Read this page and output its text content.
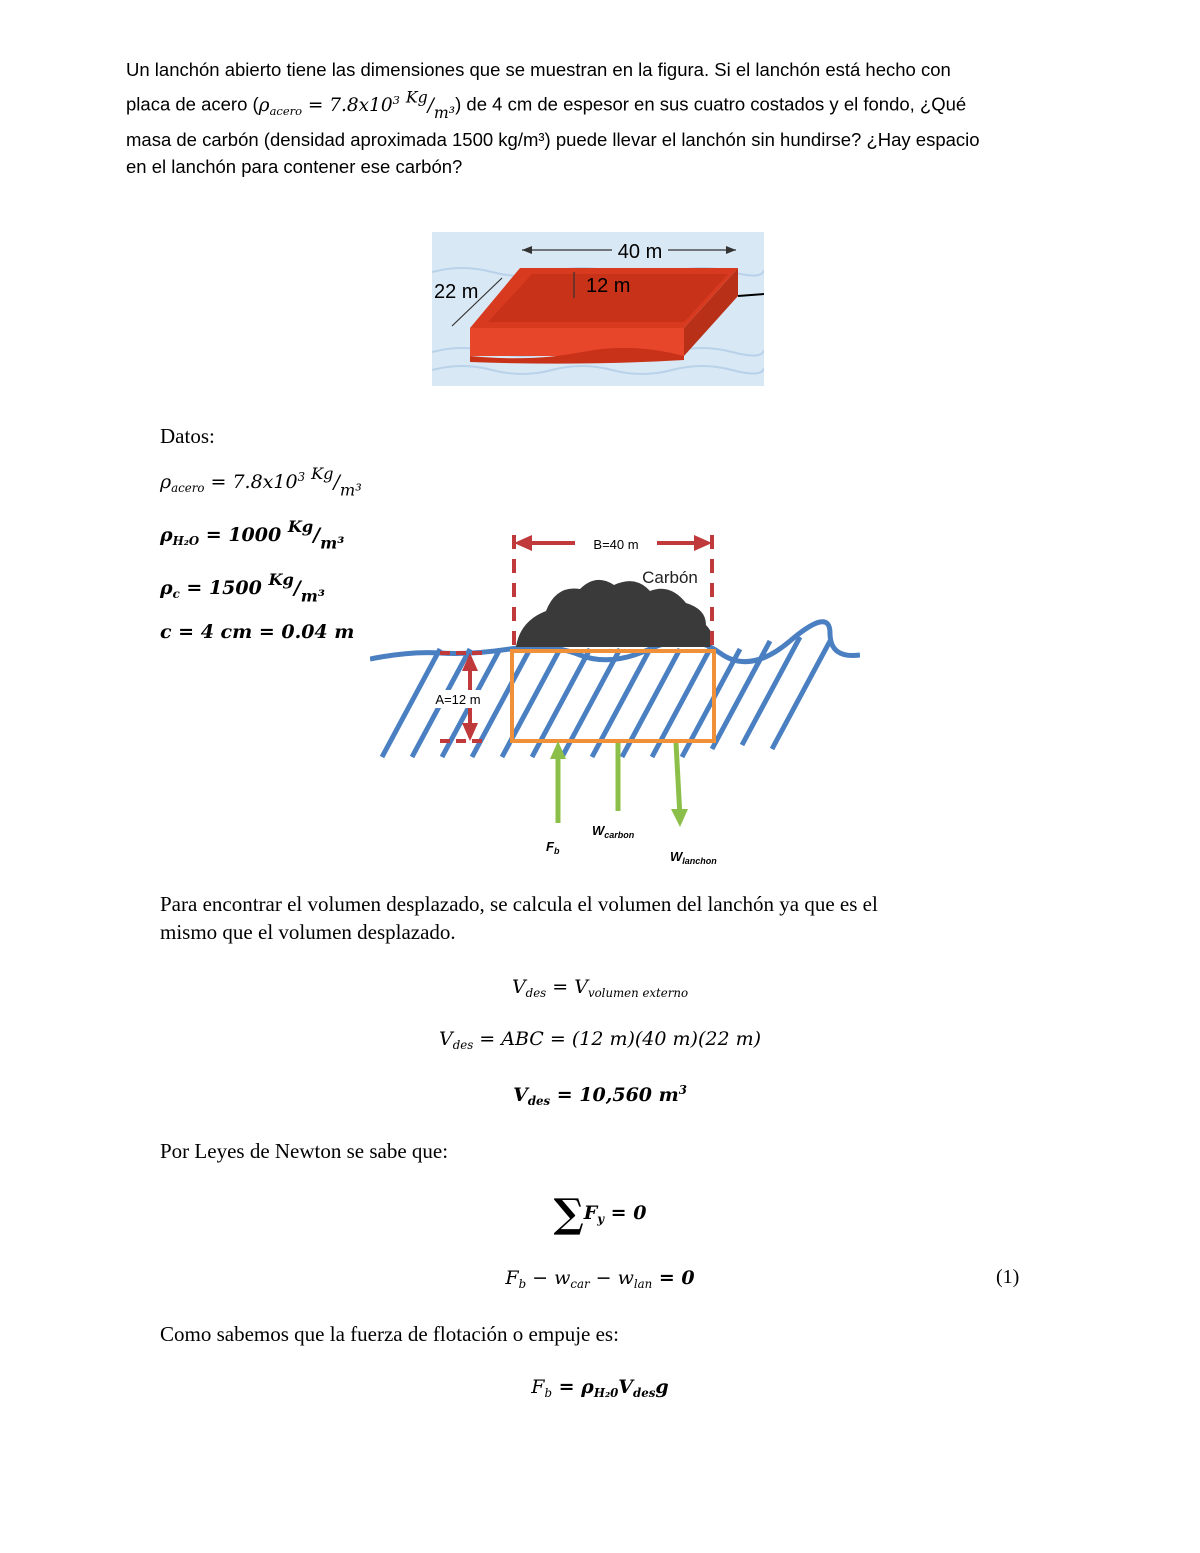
Un lanchón abierto tiene las dimensiones que se muestran en la figura. Si el lanchón está hecho con
placa de acero ($\rho_{acero} = 7.8x10^3$ $^{Kg}/_{m^3}$) de 4 cm de espesor en sus cuatro costados y el fondo, ¿Qué
masa de carbón (densidad aproximada 1500 kg/m³) puede llevar el lanchón sin hundirse? ¿Hay espacio
en el lanchón para contener ese carbón?
40 m
12 m
22 m
Datos:
$\rho_{acero} = 7.8x10^3$ $^{Kg}/_{m^3}$
$\rho_{H_2O} = 1000$ $^{Kg}/_{m^3}$
$\rho_c = 1500$ $^{Kg}/_{m^3}$
c = 4 cm = 0.04 m
B=40 m
Carbón
A=12 m
$F_b$
$W_{carbon}$
$W_{lanchon}$
Para encontrar el volumen desplazado, se calcula el volumen del lanchón ya que es el
mismo que el volumen desplazado.
$V_{des} = V_{volumen externo}$
$V_{des}$ = ABC = (12 m)(40 m)(22 m)
$V_{des} = 10,560$ $m^3$
Por Leyes de Newton se sabe que:
$\sum F_y = 0$
$F_b - w_{car} - w_{lan} = 0$	(1)
Como sabemos que la fuerza de flotación o empuje es:
$F_b = \rho_{H_20}V_{des}g$
